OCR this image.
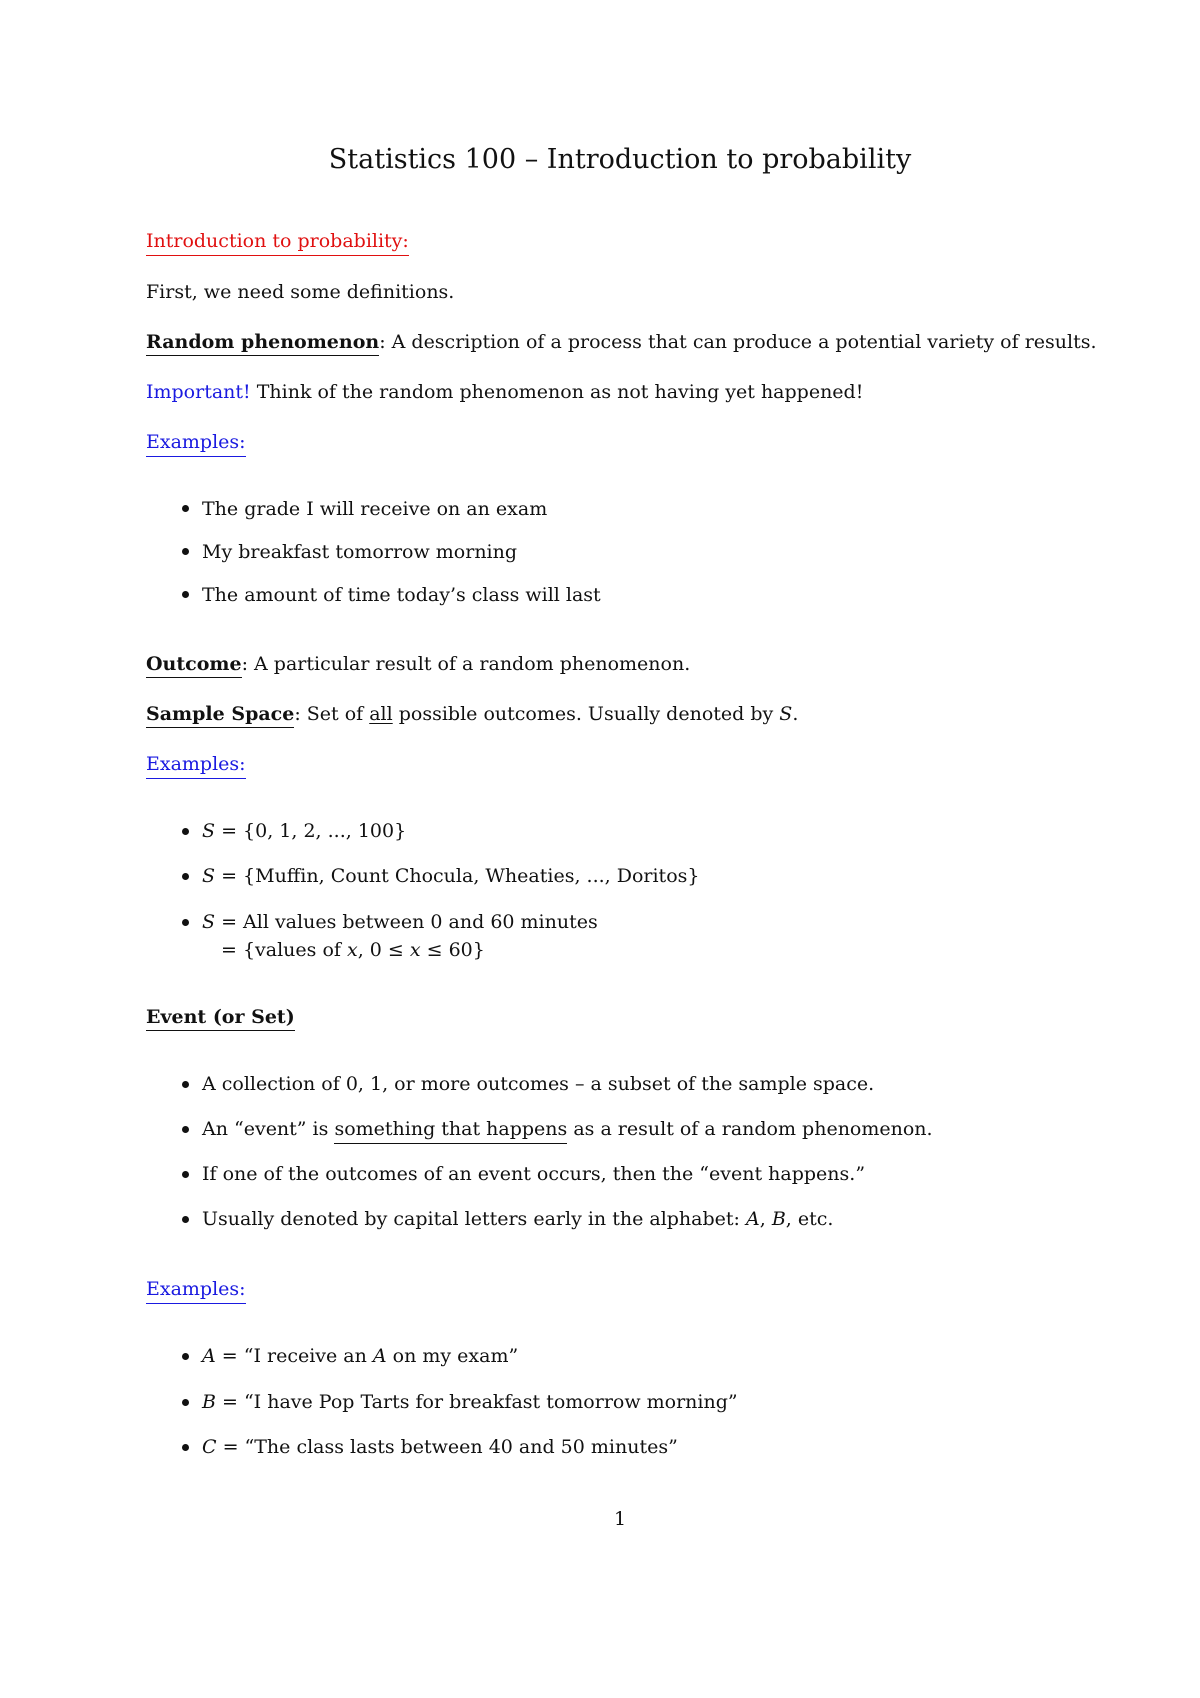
Statistics 100 – Introduction to probability
Introduction to probability:
First, we need some definitions.
Random phenomenon: A description of a process that can produce a potential variety of results.
Important! Think of the random phenomenon as not having yet happened!
Examples:
The grade I will receive on an exam
My breakfast tomorrow morning
The amount of time today’s class will last
Outcome: A particular result of a random phenomenon.
Sample Space: Set of all possible outcomes. Usually denoted by S.
Examples:
S = {0, 1, 2, ..., 100}
S = {Muffin, Count Chocula, Wheaties, ..., Doritos}
S = All values between 0 and 60 minutes
= {values of x, 0 ≤ x ≤ 60}
Event (or Set)
A collection of 0, 1, or more outcomes – a subset of the sample space.
An “event” is something that happens as a result of a random phenomenon.
If one of the outcomes of an event occurs, then the “event happens.”
Usually denoted by capital letters early in the alphabet: A, B, etc.
Examples:
A = “I receive an A on my exam”
B = “I have Pop Tarts for breakfast tomorrow morning”
C = “The class lasts between 40 and 50 minutes”
1
